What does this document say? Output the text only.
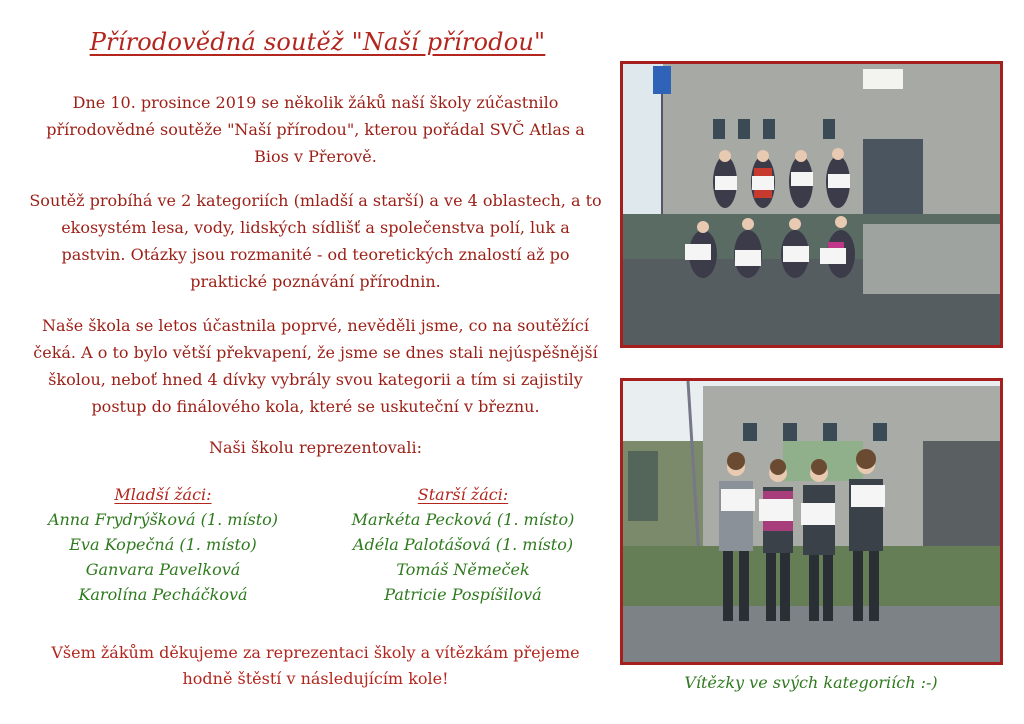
Přírodovědná soutěž "Naší přírodou"
Dne 10. prosince 2019 se několik žáků naší školy zúčastnilo přírodovědné soutěže "Naší přírodou", kterou pořádal SVČ Atlas a Bios v Přerově.
Soutěž probíhá ve 2 kategoriích (mladší a starší) a ve 4 oblastech, a to ekosystém lesa, vody, lidských sídlišť a společenstva polí, luk a pastvin. Otázky jsou rozmanité - od teoretických znalostí až po praktické poznávání přírodnin.
Naše škola se letos účastnila poprvé, nevěděli jsme, co na soutěžící čeká. A o to bylo větší překvapení, že jsme se dnes stali nejúspěšnější školou, neboť hned 4 dívky vybrály svou kategorii a tím si zajistily postup do finálového kola, které se uskuteční v březnu.
Naši školu reprezentovali:
Mladší žáci:
Anna Frydrýšková (1. místo)
Eva Kopečná (1. místo)
Ganvara Pavelková
Karolína Pecháčková
Starší žáci:
Markéta Pecková (1. místo)
Adéla Palotášová (1. místo)
Tomáš Němeček
Patricie Pospíšilová
Všem žákům děkujeme za reprezentaci školy a vítězkám přejeme hodně štěstí v následujícím kole!	Vítězky ve svých kategoriích :-)
